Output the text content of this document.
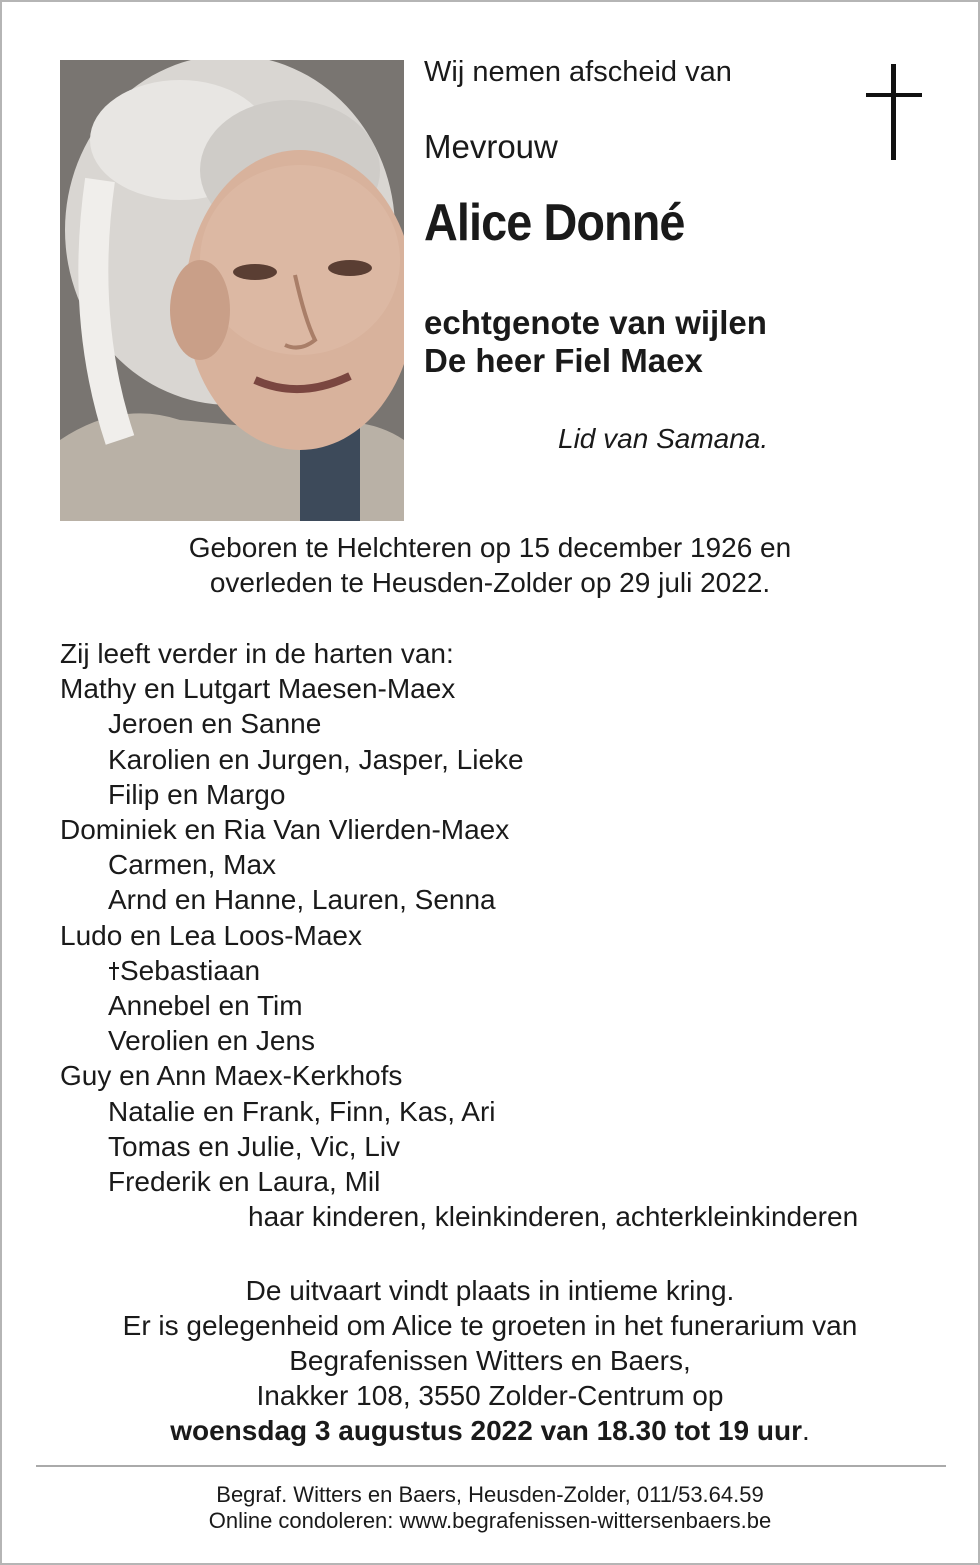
Wij nemen afscheid van
Mevrouw
Alice Donné
echtgenote van wijlen
De heer Fiel Maex
Lid van Samana.
Geboren te Helchteren op 15 december 1926 en
overleden te Heusden-Zolder op 29 juli 2022.
Zij leeft verder in de harten van:
Mathy en Lutgart Maesen-Maex
Jeroen en Sanne
Karolien en Jurgen, Jasper, Lieke
Filip en Margo
Dominiek en Ria Van Vlierden-Maex
Carmen, Max
Arnd en Hanne, Lauren, Senna
Ludo en Lea Loos-Maex
Sebastiaan
Annebel en Tim
Verolien en Jens
Guy en Ann Maex-Kerkhofs
Natalie en Frank, Finn, Kas, Ari
Tomas en Julie, Vic, Liv
Frederik en Laura, Mil
haar kinderen, kleinkinderen, achterkleinkinderen
De uitvaart vindt plaats in intieme kring.
Er is gelegenheid om Alice te groeten in het funerarium van
Begrafenissen Witters en Baers,
Inakker 108, 3550 Zolder-Centrum op
woensdag 3 augustus 2022 van 18.30 tot 19 uur.
Begraf. Witters en Baers, Heusden-Zolder, 011/53.64.59
Online condoleren: www.begrafenissen-wittersenbaers.be
